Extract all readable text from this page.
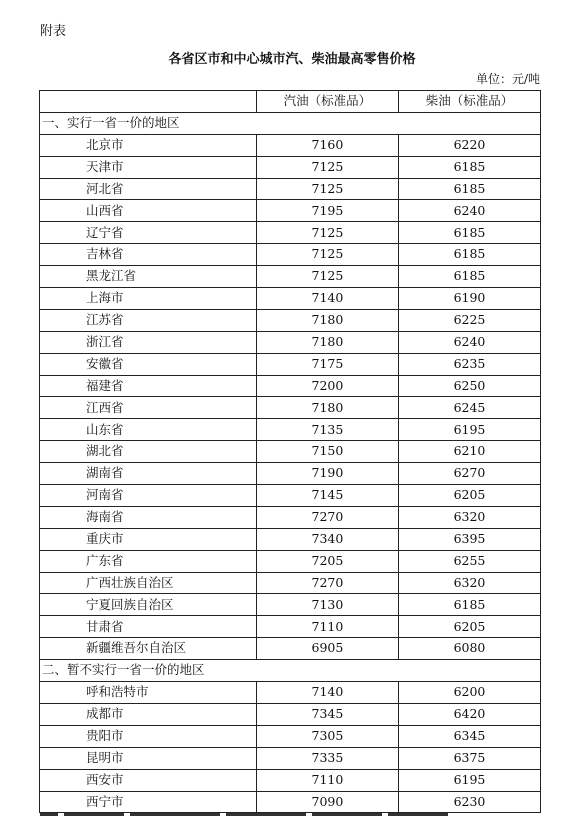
附表
各省区市和中心城市汽、柴油最高零售价格
单位：元/吨
	汽油（标准品）	柴油（标准品）
一、实行一省一价的地区		
北京市	7160	6220
天津市	7125	6185
河北省	7125	6185
山西省	7195	6240
辽宁省	7125	6185
吉林省	7125	6185
黑龙江省	7125	6185
上海市	7140	6190
江苏省	7180	6225
浙江省	7180	6240
安徽省	7175	6235
福建省	7200	6250
江西省	7180	6245
山东省	7135	6195
湖北省	7150	6210
湖南省	7190	6270
河南省	7145	6205
海南省	7270	6320
重庆市	7340	6395
广东省	7205	6255
广西壮族自治区	7270	6320
宁夏回族自治区	7130	6185
甘肃省	7110	6205
新疆维吾尔自治区	6905	6080
二、暂不实行一省一价的地区		
呼和浩特市	7140	6200
成都市	7345	6420
贵阳市	7305	6345
昆明市	7335	6375
西安市	7110	6195
西宁市	7090	6230
